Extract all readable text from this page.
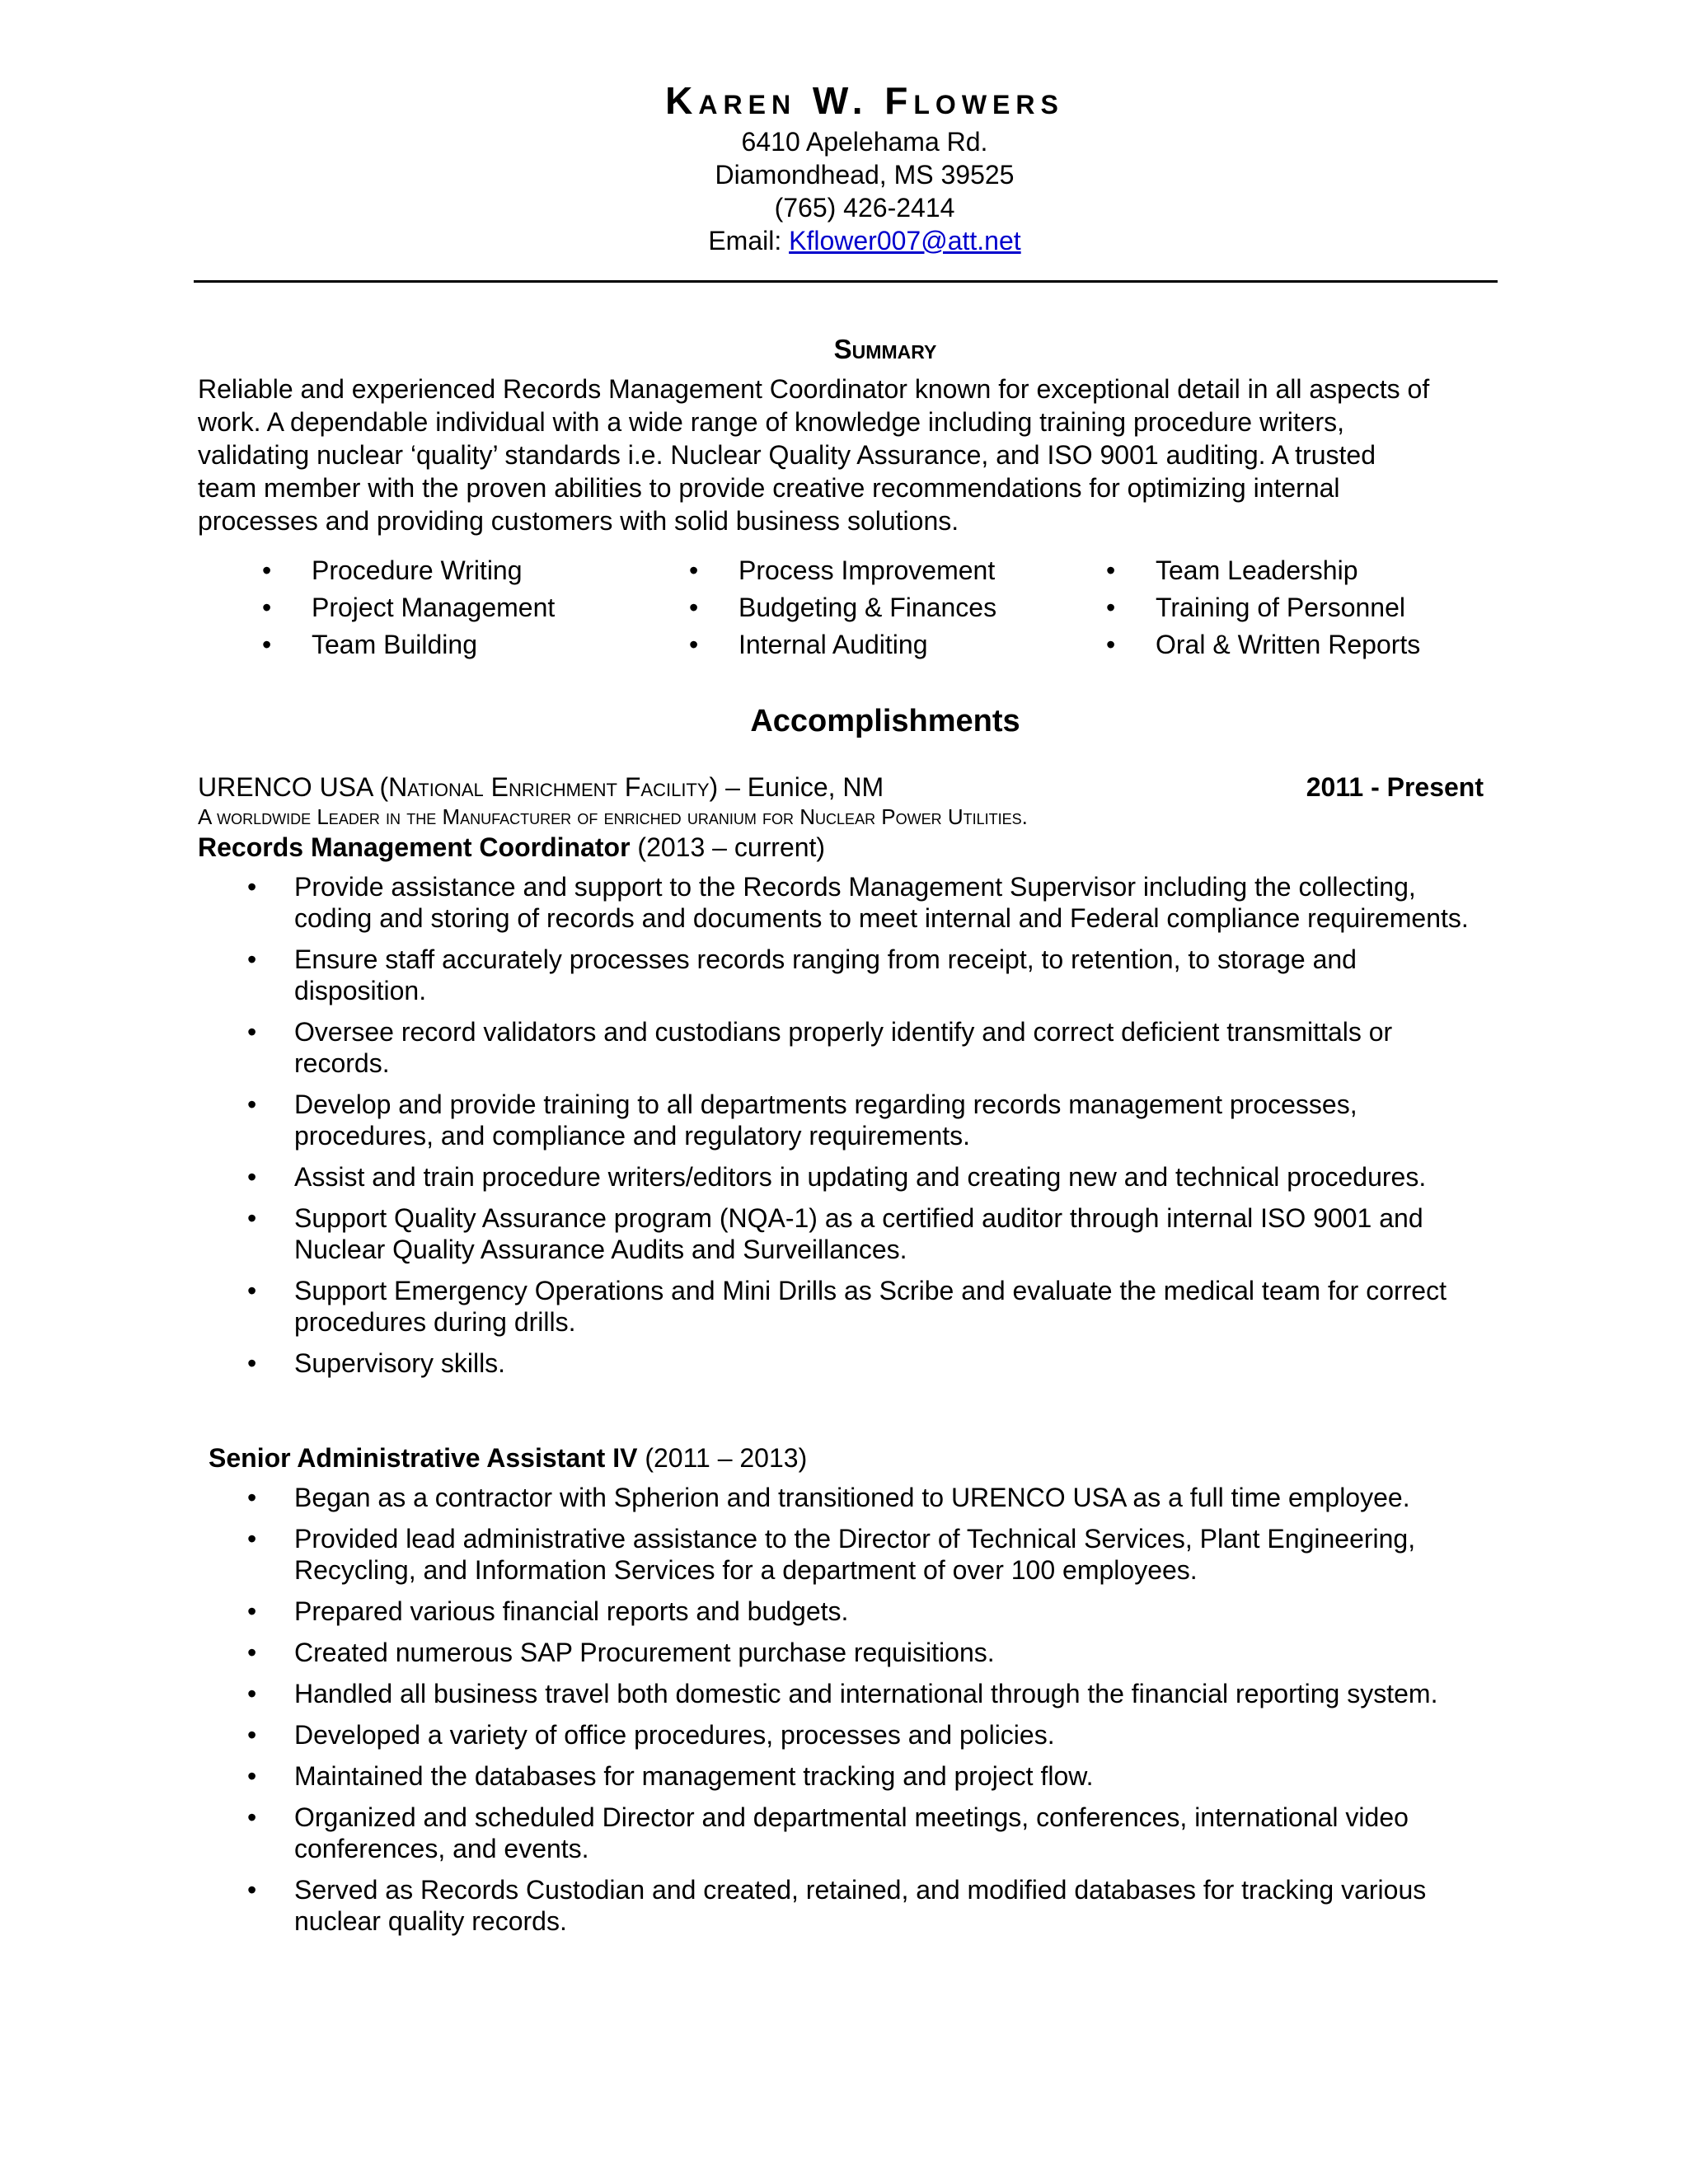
Karen W. Flowers
6410 Apelehama Rd.
Diamondhead, MS 39525
(765) 426-2414
Email: Kflower007@att.net
Summary

Reliable and experienced Records Management Coordinator known for exceptional detail in all aspects of

work. A dependable individual with a wide range of knowledge including training procedure writers,

validating nuclear ‘quality’ standards i.e. Nuclear Quality Assurance, and ISO 9001 auditing. A trusted

team member with the proven abilities to provide creative recommendations for optimizing internal

processes and providing customers with solid business solutions.

• Procedure Writing
• Project Management
• Team Building
• Process Improvement
• Budgeting & Finances
• Internal Auditing
• Team Leadership
• Training of Personnel
• Oral & Written Reports
Accomplishments
URENCO USA (National Enrichment Facility) – Eunice, NM	2011 - Present
A worldwide Leader in the Manufacturer of enriched uranium for Nuclear Power Utilities.
Records Management Coordinator (2013 – current)
• Provide assistance and support to the Records Management Supervisor including the collecting, coding and storing of records and documents to meet internal and Federal compliance requirements.
• Ensure staff accurately processes records ranging from receipt, to retention, to storage and disposition.
• Oversee record validators and custodians properly identify and correct deficient transmittals or records.
• Develop and provide training to all departments regarding records management processes, procedures, and compliance and regulatory requirements.
• Assist and train procedure writers/editors in updating and creating new and technical procedures.
• Support Quality Assurance program (NQA-1) as a certified auditor through internal ISO 9001 and Nuclear Quality Assurance Audits and Surveillances.
• Support Emergency Operations and Mini Drills as Scribe and evaluate the medical team for correct procedures during drills.
• Supervisory skills.
Senior Administrative Assistant IV (2011 – 2013)
• Began as a contractor with Spherion and transitioned to URENCO USA as a full time employee.
• Provided lead administrative assistance to the Director of Technical Services, Plant Engineering, Recycling, and Information Services for a department of over 100 employees.
• Prepared various financial reports and budgets.
• Created numerous SAP Procurement purchase requisitions.
• Handled all business travel both domestic and international through the financial reporting system.
• Developed a variety of office procedures, processes and policies.
• Maintained the databases for management tracking and project flow.
• Organized and scheduled Director and departmental meetings, conferences, international video conferences, and events.
• Served as Records Custodian and created, retained, and modified databases for tracking various nuclear quality records.
